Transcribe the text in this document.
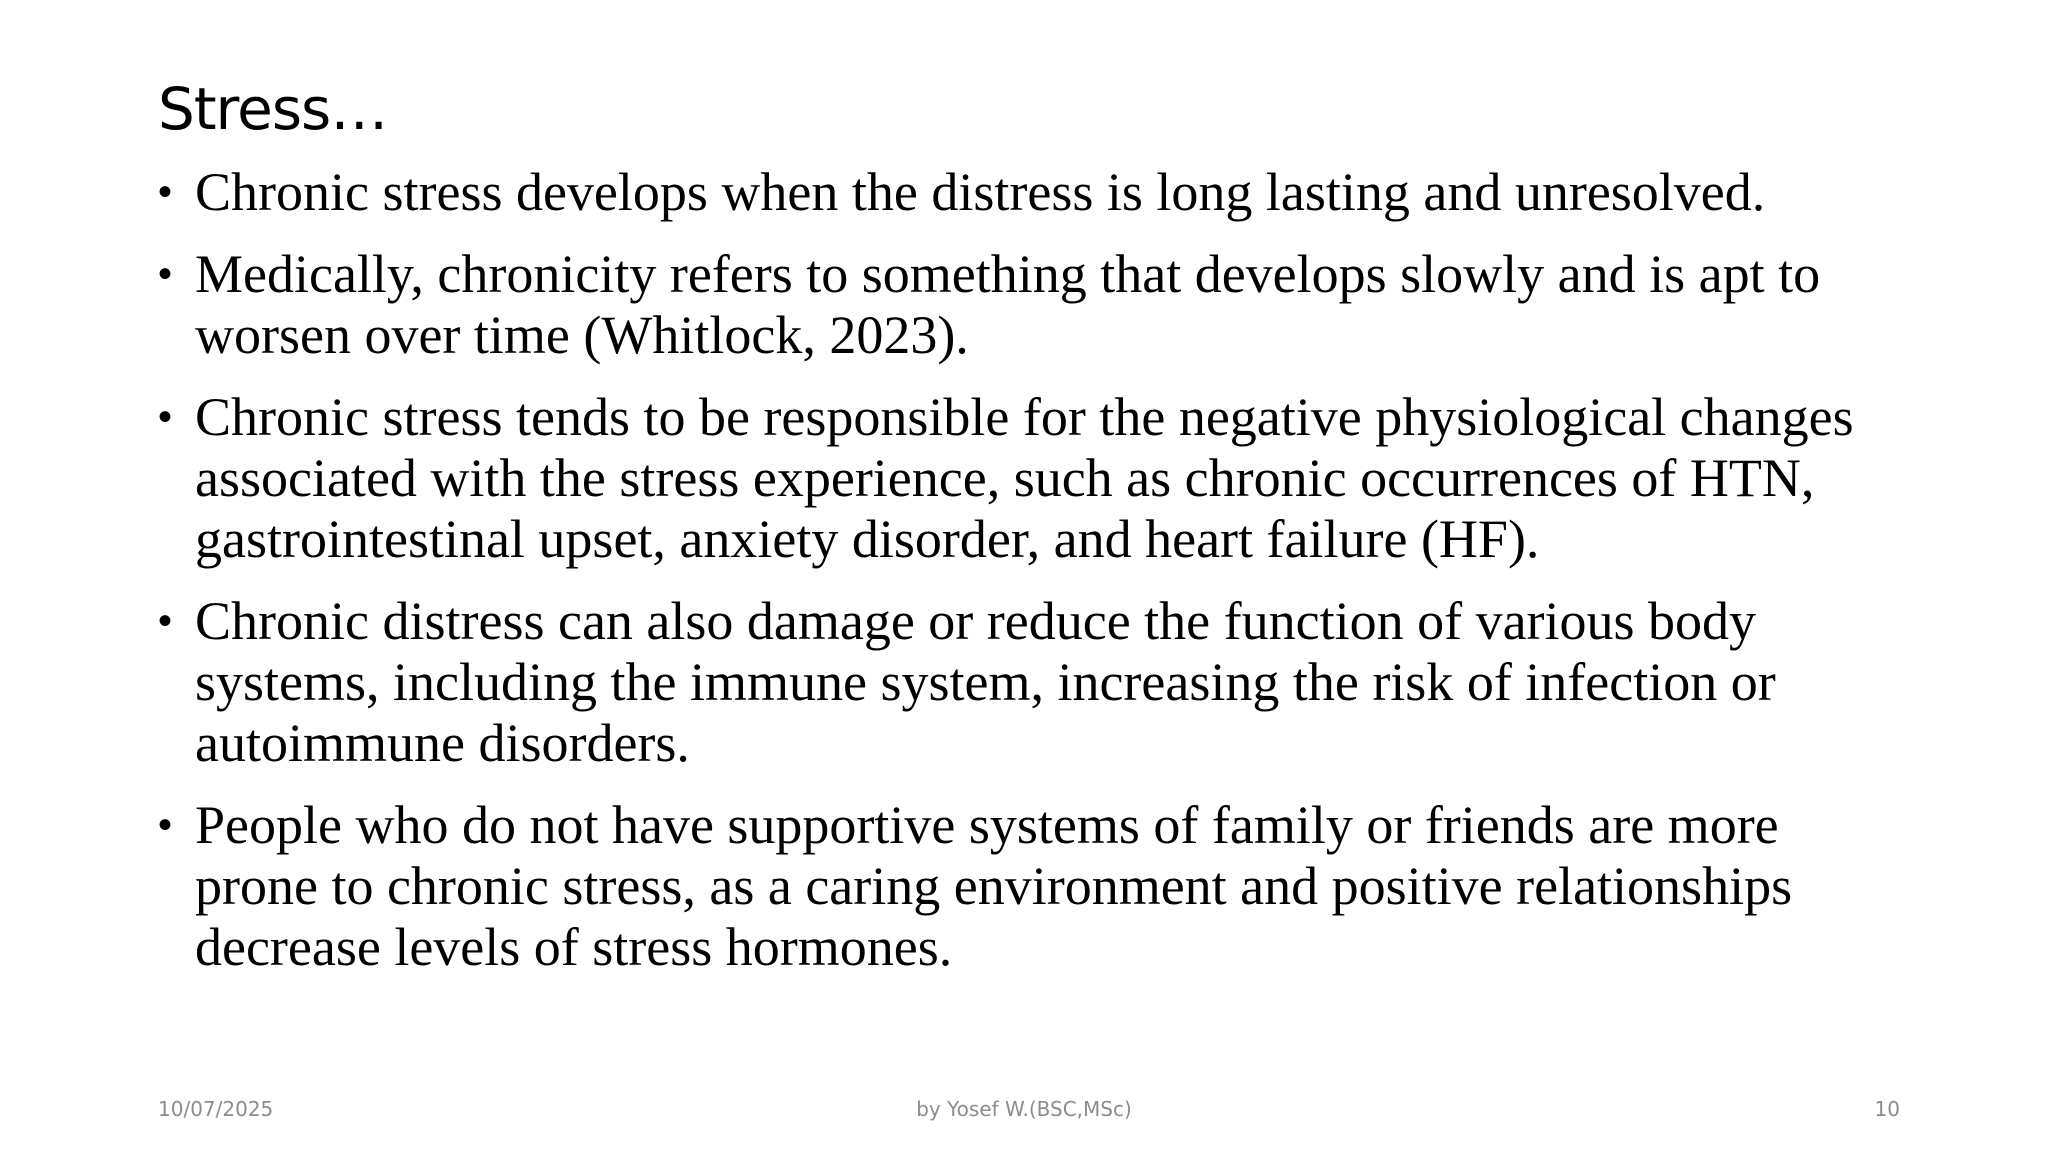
Stress…
• Chronic stress develops when the distress is long lasting and unresolved.
• Medically, chronicity refers to something that develops slowly and is apt to worsen over time (Whitlock, 2023).
• Chronic stress tends to be responsible for the negative physiological changes associated with the stress experience, such as chronic occurrences of HTN, gastrointestinal upset, anxiety disorder, and heart failure (HF).
• Chronic distress can also damage or reduce the function of various body systems, including the immune system, increasing the risk of infection or autoimmune disorders.
• People who do not have supportive systems of family or friends are more prone to chronic stress, as a caring environment and positive relationships decrease levels of stress hormones.
10/07/2025	by Yosef W.(BSC,MSc)	10
